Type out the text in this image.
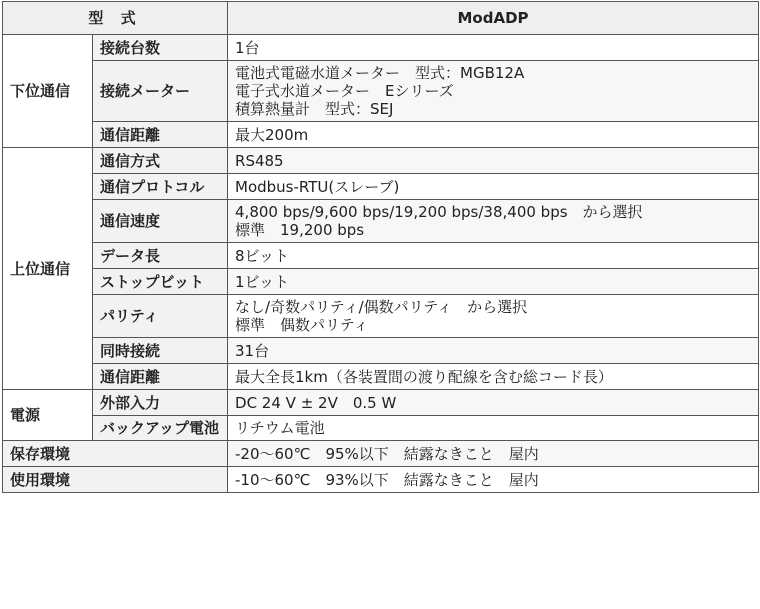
型 式		ModADP
下位通信	接続台数	1台
	接続メーター	電池式電磁水道メーター　型式：MGB12A
電子式水道メーター　Eシリーズ
積算熱量計　型式：SEJ

	通信距離	最大200m
上位通信	通信方式	RS485
	通信プロトコル	Modbus-RTU(スレーブ)
	通信速度	4,800 bps/9,600 bps/19,200 bps/38,400 bps　から選択
標準　19,200 bps

	データ長	8ビット
	ストップビット	1ビット
	パリティ	なし/奇数パリティ/偶数パリティ　から選択
標準　偶数パリティ

	同時接続	31台
	通信距離	最大全長1km（各装置間の渡り配線を含む総コード長）
電源	外部入力	DC 24 V ± 2V　0.5 W
	バックアップ電池	リチウム電池
保存環境		-20～60℃　95%以下　結露なきこと　屋内
使用環境		-10～60℃　93%以下　結露なきこと　屋内
